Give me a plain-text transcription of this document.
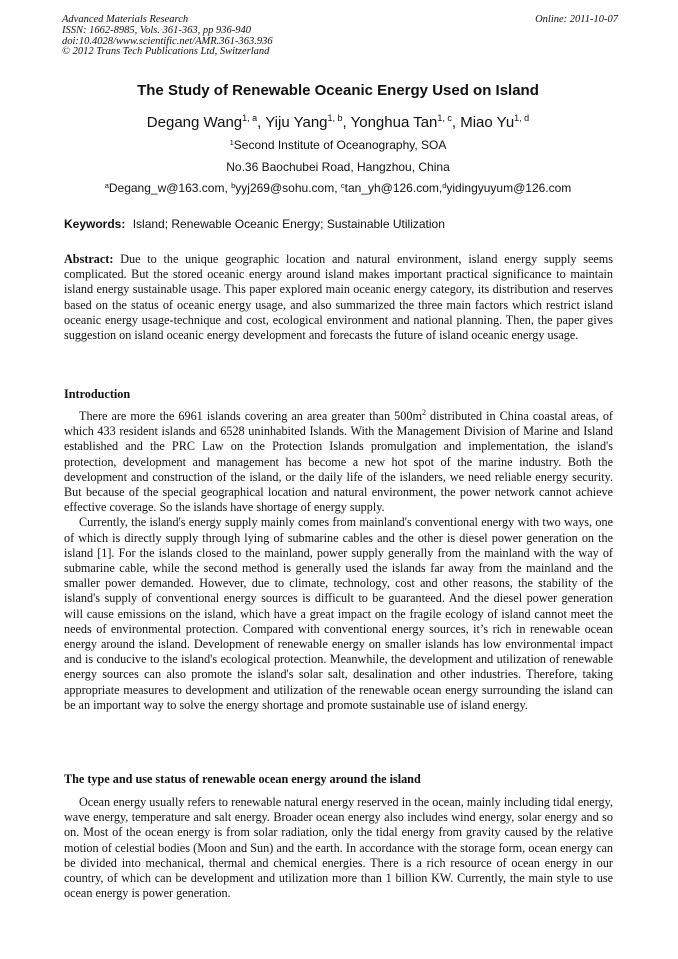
Advanced Materials Research
ISSN: 1662-8985, Vols. 361-363, pp 936-940
doi:10.4028/www.scientific.net/AMR.361-363.936
© 2012 Trans Tech Publications Ltd, Switzerland
Online: 2011-10-07
The Study of Renewable Oceanic Energy Used on Island
Degang Wang$^{1, a}$, Yiju Yang$^{1, b}$, Yonghua Tan$^{1, c}$, Miao Yu$^{1, d}$
$^1$Second Institute of Oceanography, SOA
No.36 Baochubei Road, Hangzhou, China
$^a$Degang_w@163.com, $^b$yyj269@sohu.com, $^c$tan_yh@126.com,$^d$yidingyuyum@126.com
Keywords: Island; Renewable Oceanic Energy; Sustainable Utilization

Abstract: Due to the unique geographic location and natural environment, island energy supply seems complicated. But the stored oceanic energy around island makes important practical significance to maintain island energy sustainable usage. This paper explored main oceanic energy category, its distribution and reserves based on the status of oceanic energy usage, and also summarized the three main factors which restrict island oceanic energy usage-technique and cost, ecological environment and national planning. Then, the paper gives suggestion on island oceanic energy development and forecasts the future of island oceanic energy usage.

Introduction

There are more the 6961 islands covering an area greater than $500m^2$ distributed in China coastal areas, of which 433 resident islands and 6528 uninhabited Islands. With the Management Division of Marine and Island established and the PRC Law on the Protection Islands promulgation and implementation, the island's protection, development and management has become a new hot spot of the marine industry. Both the development and construction of the island, or the daily life of the islanders, we need reliable energy security. But because of the special geographical location and natural environment, the power network cannot achieve effective coverage. So the islands have shortage of energy supply.

Currently, the island's energy supply mainly comes from mainland's conventional energy with two ways, one of which is directly supply through lying of submarine cables and the other is diesel power generation on the island [1]. For the islands closed to the mainland, power supply generally from the mainland with the way of submarine cable, while the second method is generally used the islands far away from the mainland and the smaller power demanded. However, due to climate, technology, cost and other reasons, the stability of the island's supply of conventional energy sources is difficult to be guaranteed. And the diesel power generation will cause emissions on the island, which have a great impact on the fragile ecology of island cannot meet the needs of environmental protection. Compared with conventional energy sources, it’s rich in renewable ocean energy around the island. Development of renewable energy on smaller islands has low environmental impact and is conducive to the island's ecological protection. Meanwhile, the development and utilization of renewable energy sources can also promote the island's solar salt, desalination and other industries. Therefore, taking appropriate measures to development and utilization of the renewable ocean energy surrounding the island can be an important way to solve the energy shortage and promote sustainable use of island energy.

The type and use status of renewable ocean energy around the island

Ocean energy usually refers to renewable natural energy reserved in the ocean, mainly including tidal energy, wave energy, temperature and salt energy. Broader ocean energy also includes wind energy, solar energy and so on. Most of the ocean energy is from solar radiation, only the tidal energy from gravity caused by the relative motion of celestial bodies (Moon and Sun) and the earth. In accordance with the storage form, ocean energy can be divided into mechanical, thermal and chemical energies. There is a rich resource of ocean energy in our country, of which can be development and utilization more than 1 billion KW. Currently, the main style to use ocean energy is power generation.
